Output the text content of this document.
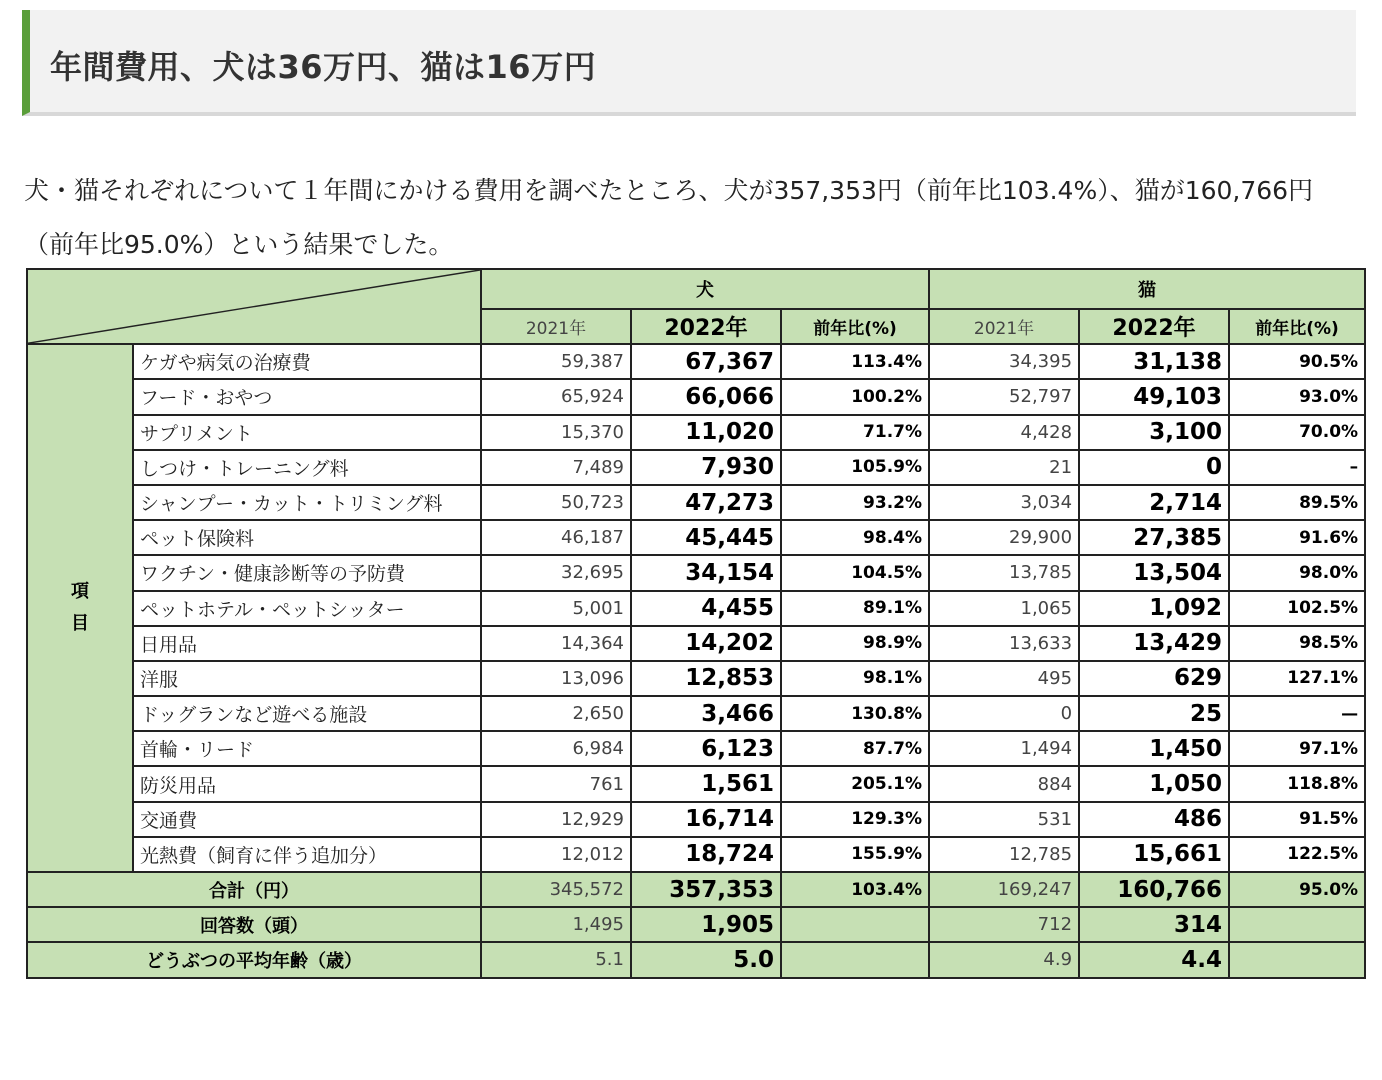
年間費用、犬は36万円、猫は16万円
犬・猫それぞれについて１年間にかける費用を調べたところ、犬が357,353円（前年比103.4%）、猫が160,766円（前年比95.0%）という結果でした。
	犬			猫		
		2021年	2022年	前年比(%)	2021年	2022年	前年比(%)

項
目	ケガや病気の治療費	59,387	67,367	113.4%	34,395	31,138	90.5%
	フード・おやつ	65,924	66,066	100.2%	52,797	49,103	93.0%
	サプリメント	15,370	11,020	71.7%	4,428	3,100	70.0%
	しつけ・トレーニング料	7,489	7,930	105.9%	21	0	–
	シャンプー・カット・トリミング料	50,723	47,273	93.2%	3,034	2,714	89.5%
	ペット保険料	46,187	45,445	98.4%	29,900	27,385	91.6%
	ワクチン・健康診断等の予防費	32,695	34,154	104.5%	13,785	13,504	98.0%
	ペットホテル・ペットシッター	5,001	4,455	89.1%	1,065	1,092	102.5%
	日用品	14,364	14,202	98.9%	13,633	13,429	98.5%
	洋服	13,096	12,853	98.1%	495	629	127.1%
	ドッグランなど遊べる施設	2,650	3,466	130.8%	0	25	—
	首輪・リード	6,984	6,123	87.7%	1,494	1,450	97.1%
	防災用品	761	1,561	205.1%	884	1,050	118.8%
	交通費	12,929	16,714	129.3%	531	486	91.5%
	光熱費（飼育に伴う追加分）	12,012	18,724	155.9%	12,785	15,661	122.5%
合計（円）		345,572	357,353	103.4%	169,247	160,766	95.0%
回答数（頭）		1,495	1,905		712	314	
どうぶつの平均年齢（歳）		5.1	5.0		4.9	4.4	
